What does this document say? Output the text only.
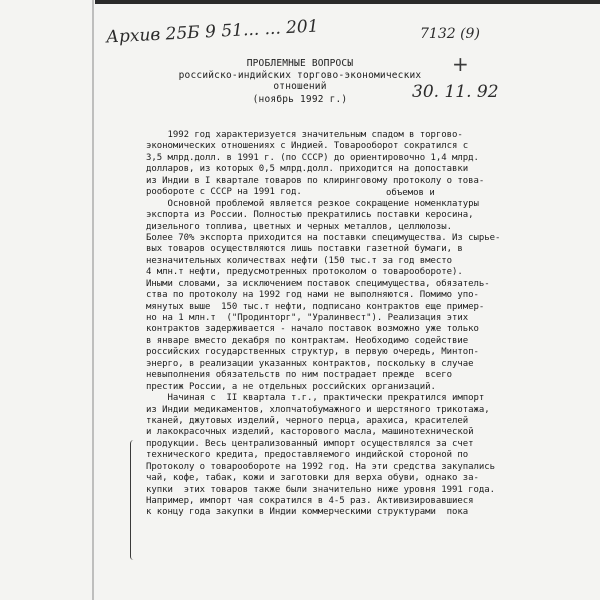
Архив 25Б 9 51... ... 201	7132 (9)
+
30. 11. 92
ПРОБЛЕМНЫЕ ВОПРОСЫ
российско-индийских торгово-экономических
отношений
(ноябрь 1992 г.)
объемов и
1992 год характеризуется значительным спадом в торгово-
экономических отношениях с Индией. Товарооборот сократился с
3,5 млрд.долл. в 1991 г. (по СССР) до ориентировочно 1,4 млрд.
долларов, из которых 0,5 млрд.долл. приходится на допоставки
из Индии в I квартале товаров по клиринговому протоколу о това-
рообороте с СССР на 1991 год.
Основной проблемой является резкое сокращение номенклатуры
экспорта из России. Полностью прекратились поставки керосина,
дизельного топлива, цветных и черных металлов, целлюлозы.
Более 70% экспорта приходится на поставки специмущества. Из сырье-
вых товаров осуществляются лишь поставки газетной бумаги, в
незначительных количествах нефти (150 тыс.т за год вместо
4 млн.т нефти, предусмотренных протоколом о товарообороте).
Иными словами, за исключением поставок специмущества, обязатель-
ства по протоколу на 1992 год нами не выполняются. Помимо упо-
мянутых выше  150 тыс.т нефти, подписано контрактов еще пример-
но на 1 млн.т  ("Продинторг", "Уралинвест"). Реализация этих
контрактов задерживается - начало поставок возможно уже только
в январе вместо декабря по контрактам. Необходимо содействие
российских государственных структур, в первую очередь, Минтоп-
энерго, в реализации указанных контрактов, поскольку в случае
невыполнения обязательств по ним пострадает прежде  всего
престиж России, а не отдельных российских организаций.
Начиная с  II квартала т.г., практически прекратился импорт
из Индии медикаментов, хлопчатобумажного и шерстяного трикотажа,
тканей, джутовых изделий, черного перца, арахиса, красителей
и лакокрасочных изделий, касторового масла, машинотехнической
продукции. Весь централизованный импорт осуществлялся за счет
технического кредита, предоставляемого индийской стороной по
Протоколу о товарообороте на 1992 год. На эти средства закупались
чай, кофе, табак, кожи и заготовки для верха обуви, однако за-
купки  этих товаров также были значительно ниже уровня 1991 года.
Например, импорт чая сократился в 4-5 раз. Активизировавшиеся
к концу года закупки в Индии коммерческими структурами  пока
